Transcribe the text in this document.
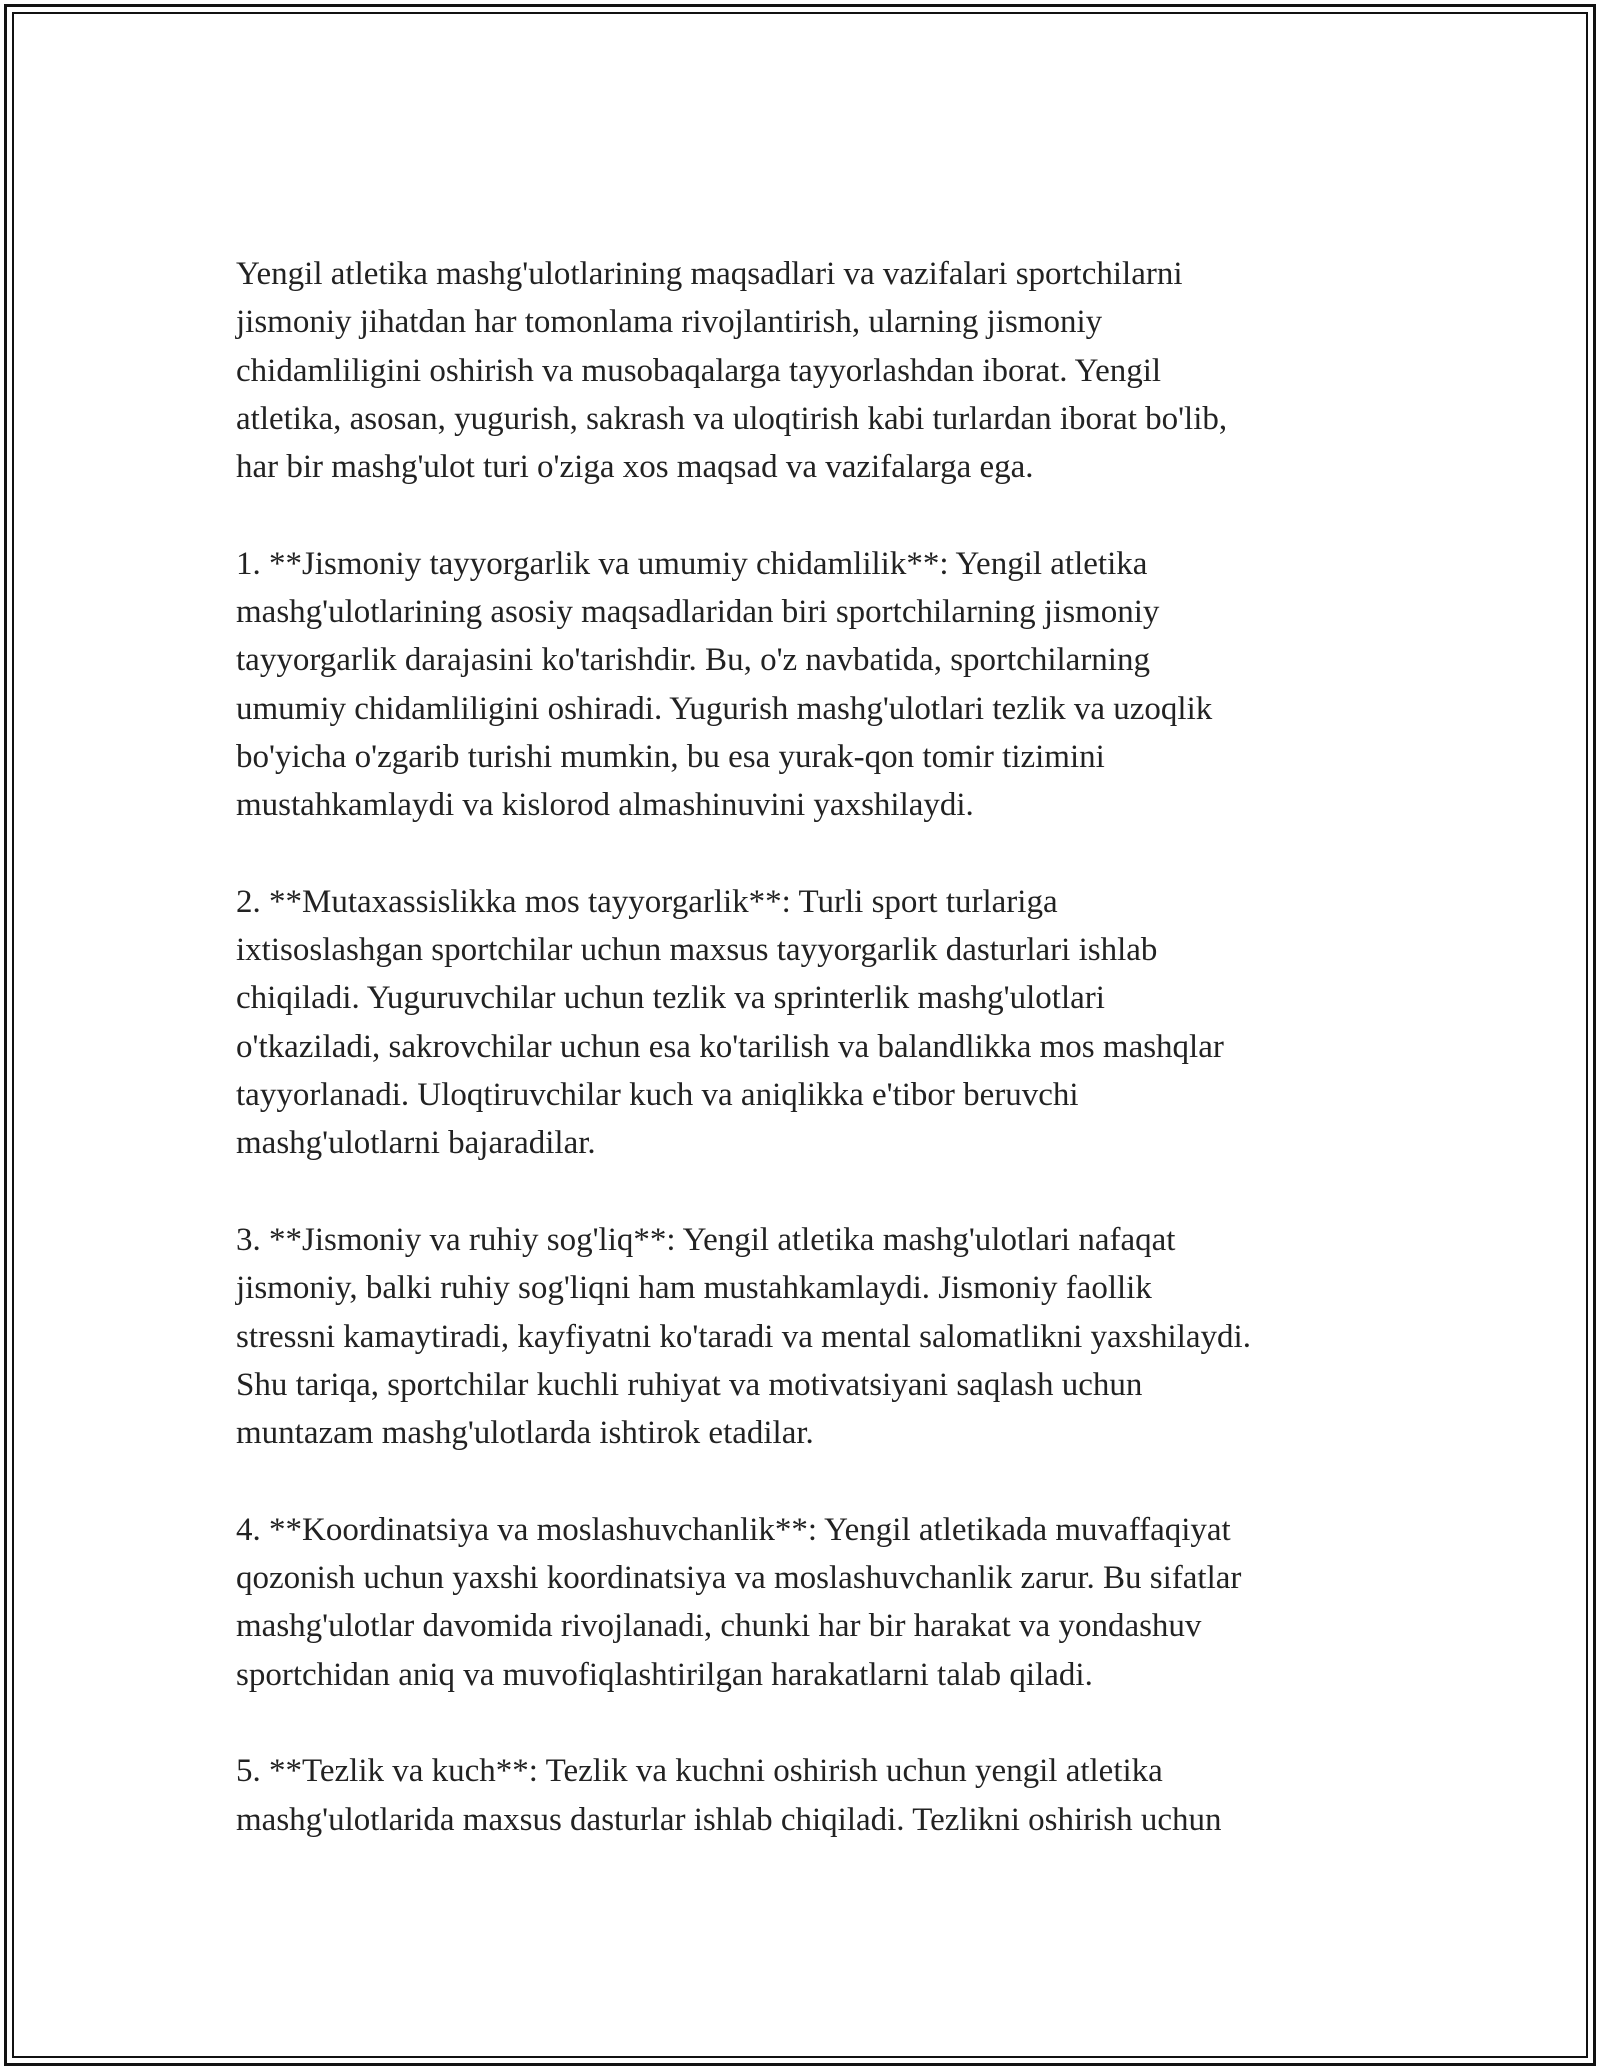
Yengil atletika mashg'ulotlarining maqsadlari va vazifalari sportchilarni
jismoniy jihatdan har tomonlama rivojlantirish, ularning jismoniy
chidamliligini oshirish va musobaqalarga tayyorlashdan iborat. Yengil
atletika, asosan, yugurish, sakrash va uloqtirish kabi turlardan iborat bo'lib,
har bir mashg'ulot turi o'ziga xos maqsad va vazifalarga ega.

1. **Jismoniy tayyorgarlik va umumiy chidamlilik**: Yengil atletika
mashg'ulotlarining asosiy maqsadlaridan biri sportchilarning jismoniy
tayyorgarlik darajasini ko'tarishdir. Bu, o'z navbatida, sportchilarning
umumiy chidamliligini oshiradi. Yugurish mashg'ulotlari tezlik va uzoqlik
bo'yicha o'zgarib turishi mumkin, bu esa yurak-qon tomir tizimini
mustahkamlaydi va kislorod almashinuvini yaxshilaydi.

2. **Mutaxassislikka mos tayyorgarlik**: Turli sport turlariga
ixtisoslashgan sportchilar uchun maxsus tayyorgarlik dasturlari ishlab
chiqiladi. Yuguruvchilar uchun tezlik va sprinterlik mashg'ulotlari
o'tkaziladi, sakrovchilar uchun esa ko'tarilish va balandlikka mos mashqlar
tayyorlanadi. Uloqtiruvchilar kuch va aniqlikka e'tibor beruvchi
mashg'ulotlarni bajaradilar.

3. **Jismoniy va ruhiy sog'liq**: Yengil atletika mashg'ulotlari nafaqat
jismoniy, balki ruhiy sog'liqni ham mustahkamlaydi. Jismoniy faollik
stressni kamaytiradi, kayfiyatni ko'taradi va mental salomatlikni yaxshilaydi.
Shu tariqa, sportchilar kuchli ruhiyat va motivatsiyani saqlash uchun
muntazam mashg'ulotlarda ishtirok etadilar.

4. **Koordinatsiya va moslashuvchanlik**: Yengil atletikada muvaffaqiyat
qozonish uchun yaxshi koordinatsiya va moslashuvchanlik zarur. Bu sifatlar
mashg'ulotlar davomida rivojlanadi, chunki har bir harakat va yondashuv
sportchidan aniq va muvofiqlashtirilgan harakatlarni talab qiladi.

5. **Tezlik va kuch**: Tezlik va kuchni oshirish uchun yengil atletika
mashg'ulotlarida maxsus dasturlar ishlab chiqiladi. Tezlikni oshirish uchun
